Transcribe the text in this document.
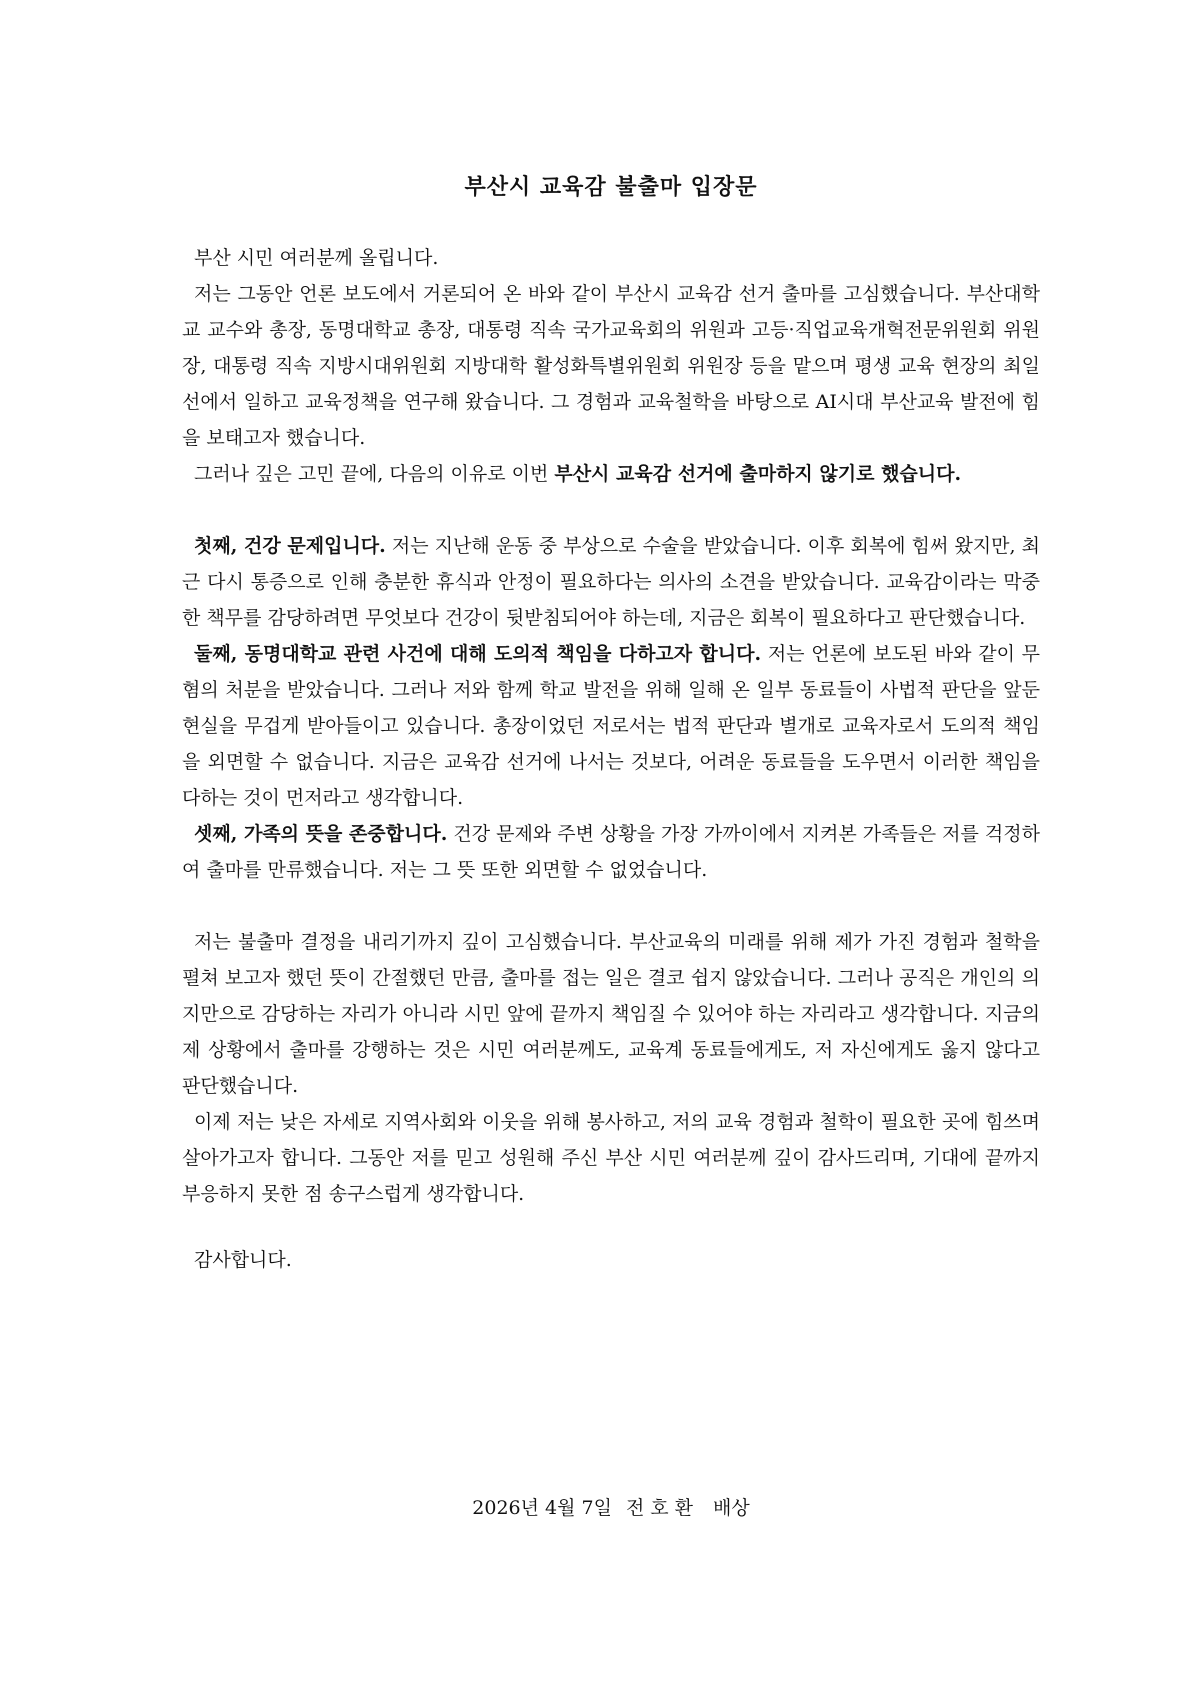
부산시 교육감 불출마 입장문

부산 시민 여러분께 올립니다.

저는 그동안 언론 보도에서 거론되어 온 바와 같이 부산시 교육감 선거 출마를 고심했습니다. 부산대학교 교수와 총장, 동명대학교 총장, 대통령 직속 국가교육회의 위원과 고등·직업교육개혁전문위원회 위원장, 대통령 직속 지방시대위원회 지방대학 활성화특별위원회 위원장 등을 맡으며 평생 교육 현장의 최일선에서 일하고 교육정책을 연구해 왔습니다. 그 경험과 교육철학을 바탕으로 AI시대 부산교육 발전에 힘을 보태고자 했습니다.

그러나 깊은 고민 끝에, 다음의 이유로 이번 부산시 교육감 선거에 출마하지 않기로 했습니다.

첫째, 건강 문제입니다. 저는 지난해 운동 중 부상으로 수술을 받았습니다. 이후 회복에 힘써 왔지만, 최근 다시 통증으로 인해 충분한 휴식과 안정이 필요하다는 의사의 소견을 받았습니다. 교육감이라는 막중한 책무를 감당하려면 무엇보다 건강이 뒷받침되어야 하는데, 지금은 회복이 필요하다고 판단했습니다.

둘째, 동명대학교 관련 사건에 대해 도의적 책임을 다하고자 합니다. 저는 언론에 보도된 바와 같이 무혐의 처분을 받았습니다. 그러나 저와 함께 학교 발전을 위해 일해 온 일부 동료들이 사법적 판단을 앞둔 현실을 무겁게 받아들이고 있습니다. 총장이었던 저로서는 법적 판단과 별개로 교육자로서 도의적 책임을 외면할 수 없습니다. 지금은 교육감 선거에 나서는 것보다, 어려운 동료들을 도우면서 이러한 책임을 다하는 것이 먼저라고 생각합니다.

셋째, 가족의 뜻을 존중합니다. 건강 문제와 주변 상황을 가장 가까이에서 지켜본 가족들은 저를 걱정하여 출마를 만류했습니다. 저는 그 뜻 또한 외면할 수 없었습니다.

저는 불출마 결정을 내리기까지 깊이 고심했습니다. 부산교육의 미래를 위해 제가 가진 경험과 철학을 펼쳐 보고자 했던 뜻이 간절했던 만큼, 출마를 접는 일은 결코 쉽지 않았습니다. 그러나 공직은 개인의 의지만으로 감당하는 자리가 아니라 시민 앞에 끝까지 책임질 수 있어야 하는 자리라고 생각합니다. 지금의 제 상황에서 출마를 강행하는 것은 시민 여러분께도, 교육계 동료들에게도, 저 자신에게도 옳지 않다고 판단했습니다.

이제 저는 낮은 자세로 지역사회와 이웃을 위해 봉사하고, 저의 교육 경험과 철학이 필요한 곳에 힘쓰며 살아가고자 합니다. 그동안 저를 믿고 성원해 주신 부산 시민 여러분께 깊이 감사드리며, 기대에 끝까지 부응하지 못한 점 송구스럽게 생각합니다.

감사합니다.

2026년 4월 7일 전호환 배상
